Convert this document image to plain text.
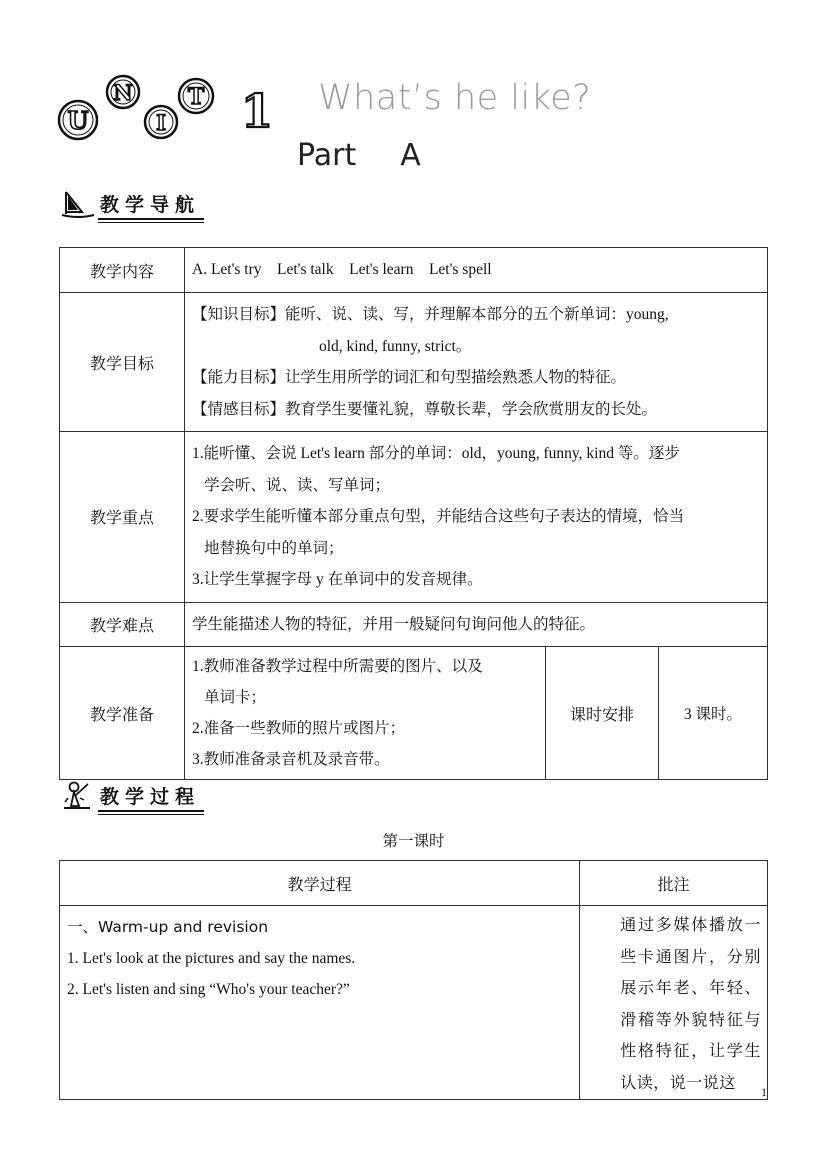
U
N
I
T 1 What’s he like?
Part A
教学导航
教学内容	A. Let's try    Let's talk    Let's learn    Let's spell		
教学目标	【知识目标】能听、说、读、写，并理解本部分的五个新单词：young,
old, kind, funny, strict。
【能力目标】让学生用所学的词汇和句型描绘熟悉人物的特征。
【情感目标】教育学生要懂礼貌，尊敬长辈，学会欣赏朋友的长处。		

教学重点	1.能听懂、会说 Let's learn 部分的单词：old，young, funny, kind 等。逐步
学会听、说、读、写单词；
2.要求学生能听懂本部分重点句型，并能结合这些句子表达的情境，恰当
地替换句中的单词；
3.让学生掌握字母 y 在单词中的发音规律。		

教学难点	学生能描述人物的特征，并用一般疑问句询问他人的特征。		
教学准备	1.教师准备教学过程中所需要的图片、以及
单词卡；
2.准备一些教师的照片或图片；
3.教师准备录音机及录音带。	课时安排	3 课时。
教学过程
第一课时
教学过程	批注

一、Warm-up and revision
1. Let's look at the pictures and say the names.
2. Let's listen and sing “Who's your teacher?”	通过多媒体播放一些卡通图片，分别展示年老、年轻、滑稽等外貌特征与性格特征，让学生认读，说一说这
1
